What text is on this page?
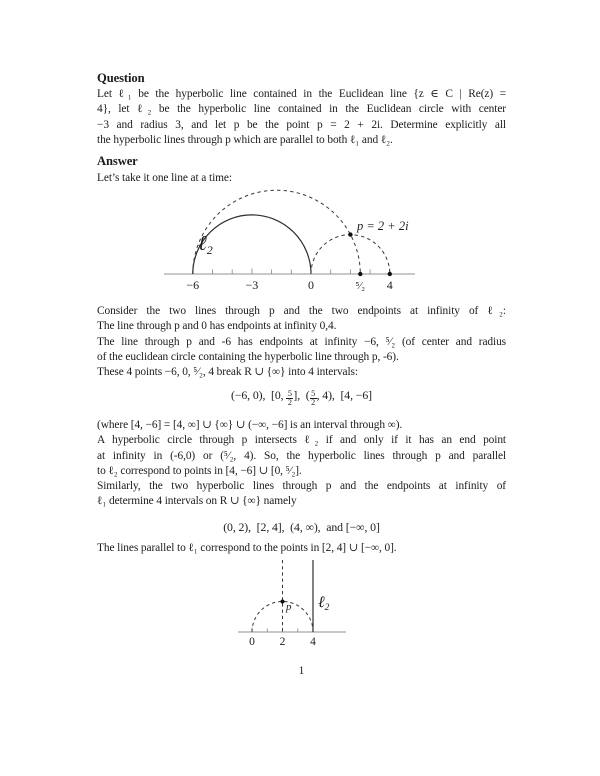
Question
Let ℓ₁ be the hyperbolic line contained in the Euclidean line {z ∈ C | Re(z) =
4}, let ℓ₂ be the hyperbolic line contained in the Euclidean circle with center
−3 and radius 3, and let p be the point p = 2 + 2i. Determine explicitly all
the hyperbolic lines through p which are parallel to both ℓ₁ and ℓ₂.
Answer
Let’s take it one line at a time:
−6	−3	0	⁵⁄₂ 4
p = 2 + 2i
ℓ2
Consider the two lines through p and the two endpoints at infinity of ℓ₂:
The line through p and 0 has endpoints at infinity 0,4.
The line through p and -6 has endpoints at infinity −6, ⁵⁄₂ (of center and radius
of the euclidean circle containing the hyperbolic line through p, -6).
These 4 points −6, 0, ⁵⁄₂, 4 break R ∪ {∞} into 4 intervals:
(−6, 0),  [0, $\frac{5}{2}$ ],  ( $\frac{5}{2}$ , 4),  [4, −6]
(where [4, −6] = [4, ∞] ∪ {∞} ∪ (−∞, −6] is an interval through ∞).
A hyperbolic circle through p intersects ℓ₂ if and only if it has an end point
at infinity in (-6,0) or (⁵⁄₂, 4). So, the hyperbolic lines through p and parallel
to ℓ₂ correspond to points in [4, −6] ∪ [0, ⁵⁄₂].
Similarly, the two hyperbolic lines through p and the endpoints at infinity of
ℓ₁ determine 4 intervals on R ∪ {∞} namely
(0, 2),  [2, 4],  (4, ∞),  and [−∞, 0]
The lines parallel to ℓ₁ correspond to the points in [2, 4] ∪ [−∞, 0].
p ℓ2
0 2 4
1
